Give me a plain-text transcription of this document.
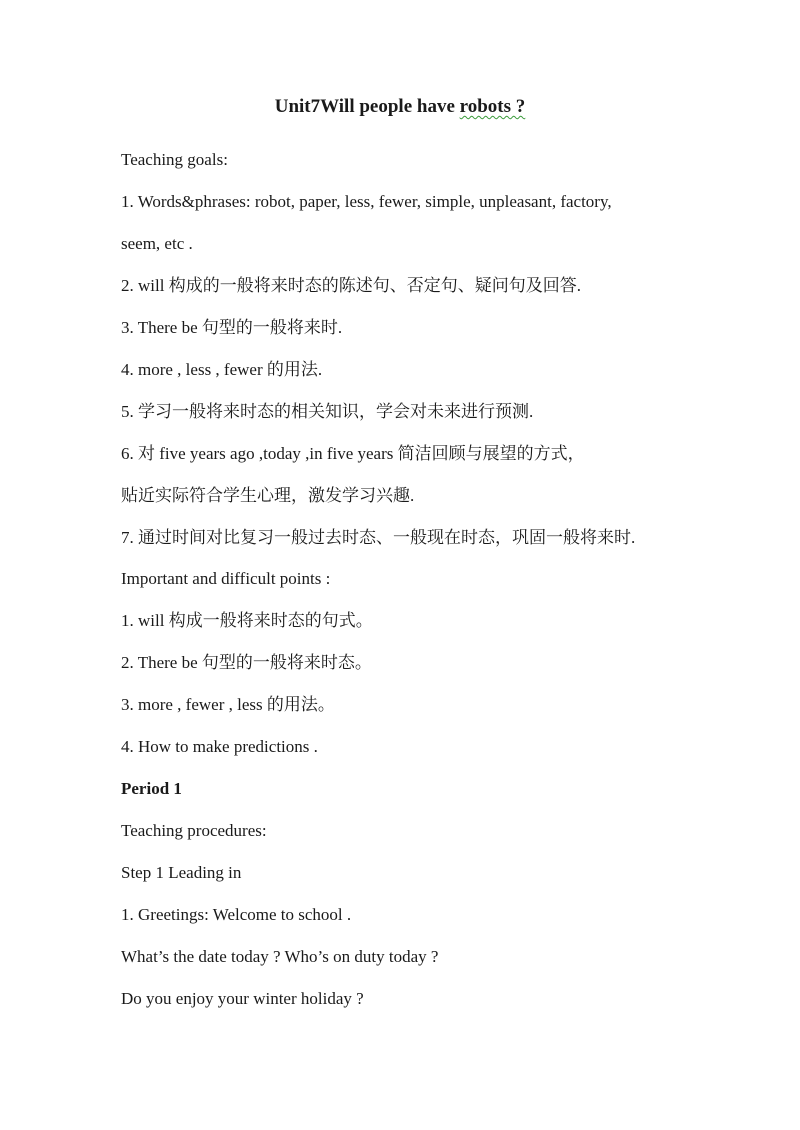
Unit7Will people have robots ?
Teaching goals:
1. Words&phrases: robot, paper, less, fewer, simple, unpleasant, factory,
seem, etc .
2. will 构成的一般将来时态的陈述句、否定句、疑问句及回答.
3. There be 句型的一般将来时.
4. more , less , fewer 的用法.
5. 学习一般将来时态的相关知识，学会对未来进行预测.
6. 对 five years ago ,today ,in five years 简洁回顾与展望的方式，
贴近实际符合学生心理，激发学习兴趣.
7. 通过时间对比复习一般过去时态、一般现在时态，巩固一般将来时.
Important and difficult points :
1. will 构成一般将来时态的句式。
2. There be 句型的一般将来时态。
3. more , fewer , less 的用法。
4. How to make predictions .
Period 1
Teaching procedures:
Step 1 Leading in
1. Greetings: Welcome to school .
What’s the date today ? Who’s on duty today ?
Do you enjoy your winter holiday ?
